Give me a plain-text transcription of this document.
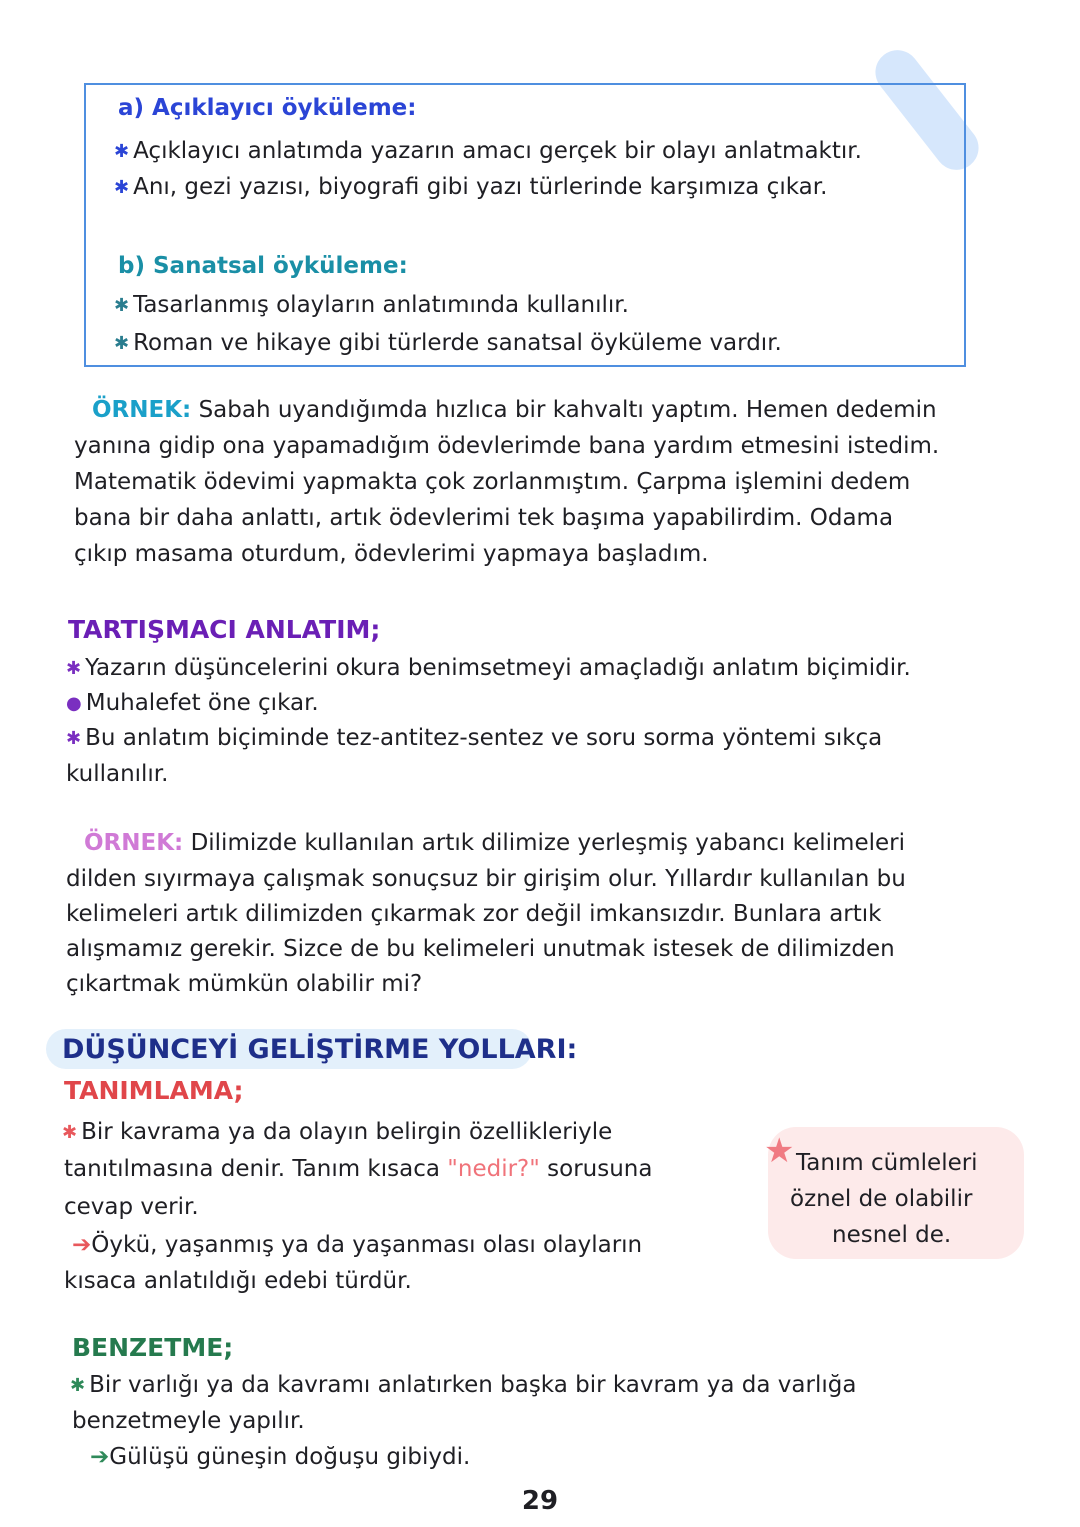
a) Açıklayıcı öyküleme:
✱ Açıklayıcı anlatımda yazarın amacı gerçek bir olayı anlatmaktır.
✱ Anı, gezi yazısı, biyografi gibi yazı türlerinde karşımıza çıkar.
b) Sanatsal öyküleme:
✱ Tasarlanmış olayların anlatımında kullanılır.
✱ Roman ve hikaye gibi türlerde sanatsal öyküleme vardır.
ÖRNEK: Sabah uyandığımda hızlıca bir kahvaltı yaptım. Hemen dedemin
yanına gidip ona yapamadığım ödevlerimde bana yardım etmesini istedim.
Matematik ödevimi yapmakta çok zorlanmıştım. Çarpma işlemini dedem
bana bir daha anlattı, artık ödevlerimi tek başıma yapabilirdim. Odama
çıkıp masama oturdum, ödevlerimi yapmaya başladım.
TARTIŞMACI ANLATIM;
✱ Yazarın düşüncelerini okura benimsetmeyi amaçladığı anlatım biçimidir.
● Muhalefet öne çıkar.
✱ Bu anlatım biçiminde tez-antitez-sentez ve soru sorma yöntemi sıkça
kullanılır.
ÖRNEK: Dilimizde kullanılan artık dilimize yerleşmiş yabancı kelimeleri
dilden sıyırmaya çalışmak sonuçsuz bir girişim olur. Yıllardır kullanılan bu
kelimeleri artık dilimizden çıkarmak zor değil imkansızdır. Bunlara artık
alışmamız gerekir. Sizce de bu kelimeleri unutmak istesek de dilimizden
çıkartmak mümkün olabilir mi?
DÜŞÜNCEYİ GELİŞTİRME YOLLARI:
TANIMLAMA;
✱ Bir kavrama ya da olayın belirgin özellikleriyle
tanıtılmasına denir. Tanım kısaca "nedir?" sorusuna
cevap verir.
➔Öykü, yaşanmış ya da yaşanması olası olayların
kısaca anlatıldığı edebi türdür.
★ Tanım cümleleri
öznel de olabilir
nesnel de.
BENZETME;
✱ Bir varlığı ya da kavramı anlatırken başka bir kavram ya da varlığa
benzetmeyle yapılır.
➔Gülüşü güneşin doğuşu gibiydi.
29
